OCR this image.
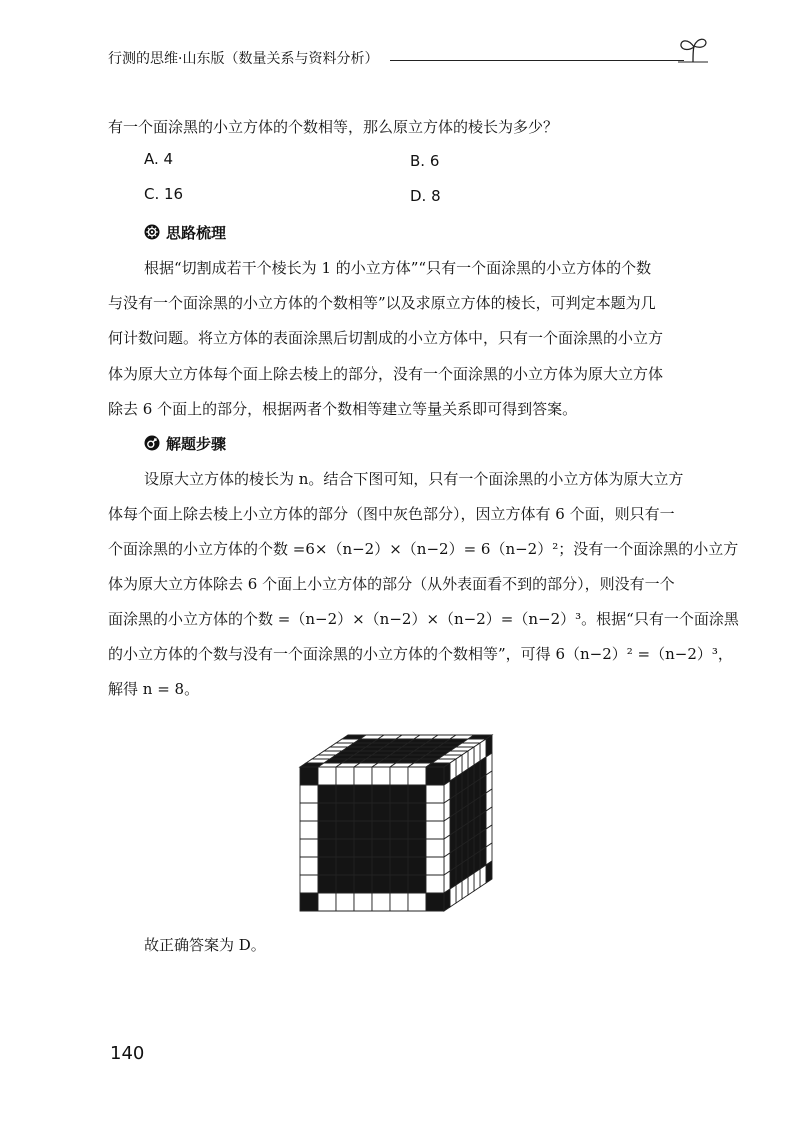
行测的思维·山东版（数量关系与资料分析）
有一个面涂黑的小立方体的个数相等，那么原立方体的棱长为多少？
A. 4	B. 6
C. 16	D. 8
思路梳理
根据“切割成若干个棱长为 1 的小立方体”“只有一个面涂黑的小立方体的个数
与没有一个面涂黑的小立方体的个数相等”以及求原立方体的棱长，可判定本题为几
何计数问题。将立方体的表面涂黑后切割成的小立方体中，只有一个面涂黑的小立方
体为原大立方体每个面上除去棱上的部分，没有一个面涂黑的小立方体为原大立方体
除去 6 个面上的部分，根据两者个数相等建立等量关系即可得到答案。
解题步骤
设原大立方体的棱长为 n。结合下图可知，只有一个面涂黑的小立方体为原大立方
体每个面上除去棱上小立方体的部分（图中灰色部分），因立方体有 6 个面，则只有一
个面涂黑的小立方体的个数 =6×（n−2）×（n−2）= 6（n−2）²；没有一个面涂黑的小立方
体为原大立方体除去 6 个面上小立方体的部分（从外表面看不到的部分），则没有一个
面涂黑的小立方体的个数 =（n−2）×（n−2）×（n−2）=（n−2）³。根据“只有一个面涂黑
的小立方体的个数与没有一个面涂黑的小立方体的个数相等”，可得 6（n−2）² =（n−2）³，
解得 n = 8。
故正确答案为 D。
140
